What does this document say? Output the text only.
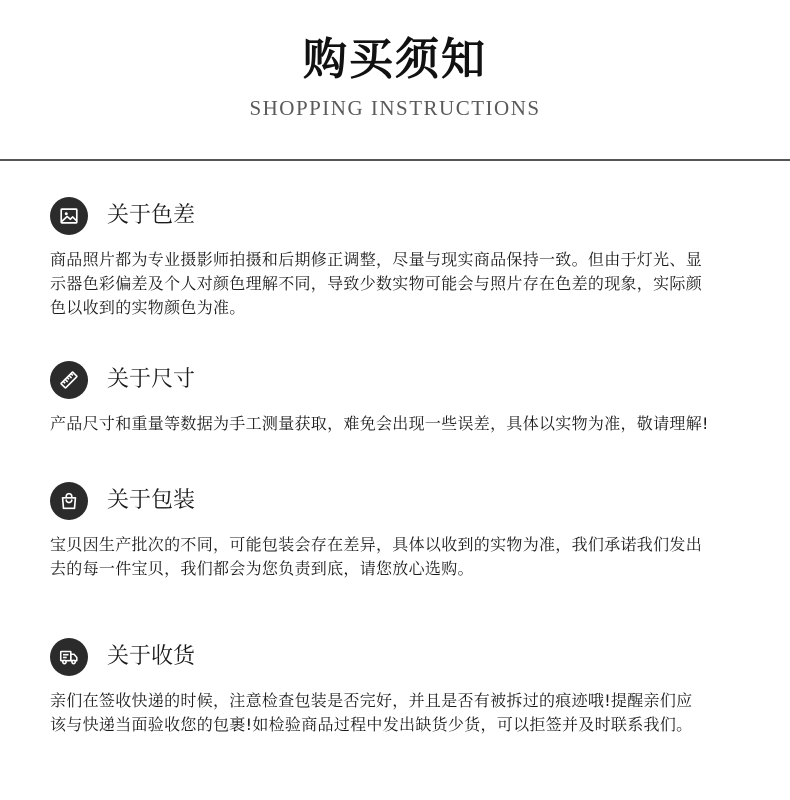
购买须知
SHOPPING INSTRUCTIONS
关于色差
商品照片都为专业摄影师拍摄和后期修正调整，尽量与现实商品保持一致。但由于灯光、显
示器色彩偏差及个人对颜色理解不同，导致少数实物可能会与照片存在色差的现象，实际颜
色以收到的实物颜色为准。
关于尺寸
产品尺寸和重量等数据为手工测量获取，难免会出现一些误差，具体以实物为准，敬请理解!
关于包装
宝贝因生产批次的不同，可能包装会存在差异，具体以收到的实物为准，我们承诺我们发出
去的每一件宝贝，我们都会为您负责到底，请您放心选购。
关于收货
亲们在签收快递的时候，注意检查包装是否完好，并且是否有被拆过的痕迹哦!提醒亲们应
该与快递当面验收您的包裹!如检验商品过程中发出缺货少货，可以拒签并及时联系我们。
